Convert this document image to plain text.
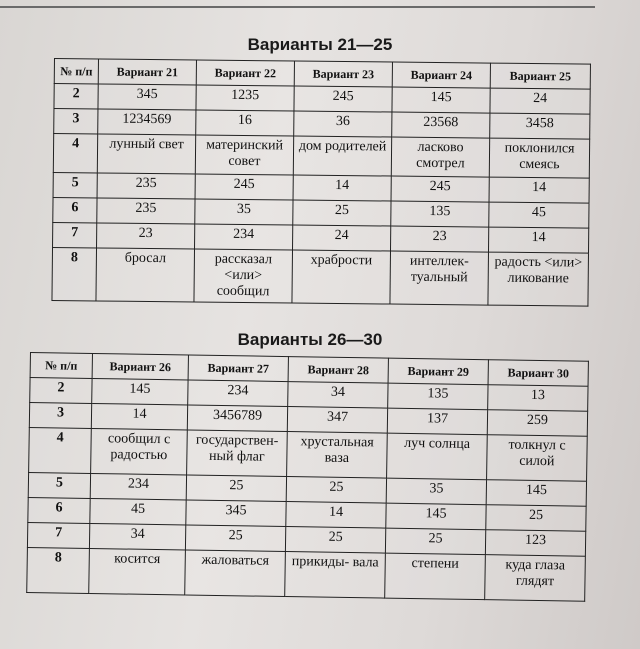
Варианты 21—25
№ п/п	Вариант 21	Вариант 22	Вариант 23	Вариант 24	Вариант 25
2	345	1235	245	145	24
3	1234569	16	36	23568	3458
4	лунный свет	материнский совет	дом родителей	ласково смотрел	поклонился смеясь
5	235	245	14	245	14
6	235	35	25	135	45
7	23	234	24	23	14
8	бросал	рассказал <или> сообщил	храбрости	интеллек- туальный	радость <или> ликование
Варианты 26—30
№ п/п	Вариант 26	Вариант 27	Вариант 28	Вариант 29	Вариант 30
2	145	234	34	135	13
3	14	3456789	347	137	259
4	сообщил с радостью	государствен- ный флаг	хрустальная ваза	луч солнца	толкнул с силой
5	234	25	25	35	145
6	45	345	14	145	25
7	34	25	25	25	123
8	косится	жаловаться	прикиды- вала	степени	куда глаза глядят
